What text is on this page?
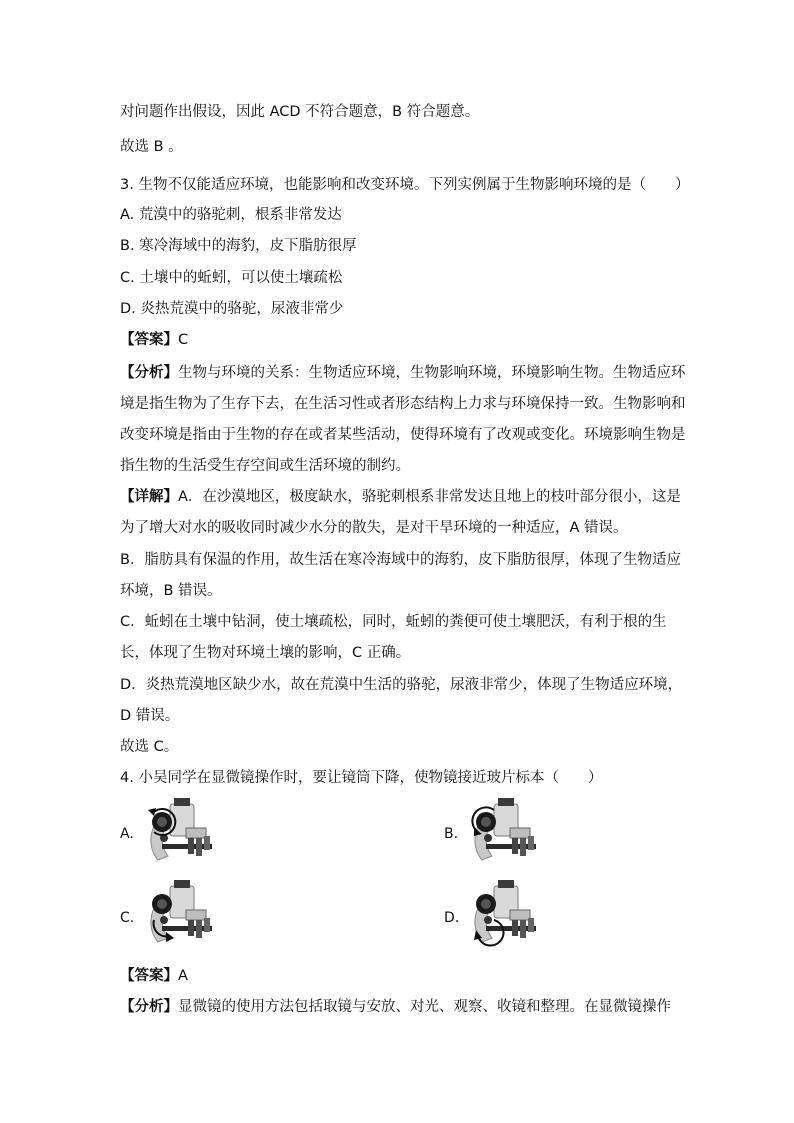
对问题作出假设，因此 ACD 不符合题意，B 符合题意。
故选 B 。
3. 生物不仅能适应环境，也能影响和改变环境。下列实例属于生物影响环境的是（　　）
A. 荒漠中的骆驼刺，根系非常发达
B. 寒冷海域中的海豹，皮下脂肪很厚
C. 土壤中的蚯蚓，可以使土壤疏松
D. 炎热荒漠中的骆驼，尿液非常少
【答案】C
【分析】生物与环境的关系：生物适应环境，生物影响环境，环境影响生物。生物适应环
境是指生物为了生存下去，在生活习性或者形态结构上力求与环境保持一致。生物影响和
改变环境是指由于生物的存在或者某些活动，使得环境有了改观或变化。环境影响生物是
指生物的生活受生存空间或生活环境的制约。
【详解】A．在沙漠地区，极度缺水，骆驼刺根系非常发达且地上的枝叶部分很小，这是
为了增大对水的吸收同时减少水分的散失，是对干旱环境的一种适应，A 错误。
B．脂肪具有保温的作用，故生活在寒冷海域中的海豹，皮下脂肪很厚，体现了生物适应
环境，B 错误。
C．蚯蚓在土壤中钻洞，使土壤疏松，同时，蚯蚓的粪便可使土壤肥沃，有利于根的生
长，体现了生物对环境土壤的影响，C 正确。
D．炎热荒漠地区缺少水，故在荒漠中生活的骆驼，尿液非常少，体现了生物适应环境，
D 错误。
故选 C。
4. 小吴同学在显微镜操作时，要让镜筒下降，使物镜接近玻片标本（　　）
A.	B.
C.	D.
【答案】A
【分析】显微镜的使用方法包括取镜与安放、对光、观察、收镜和整理。在显微镜操作
